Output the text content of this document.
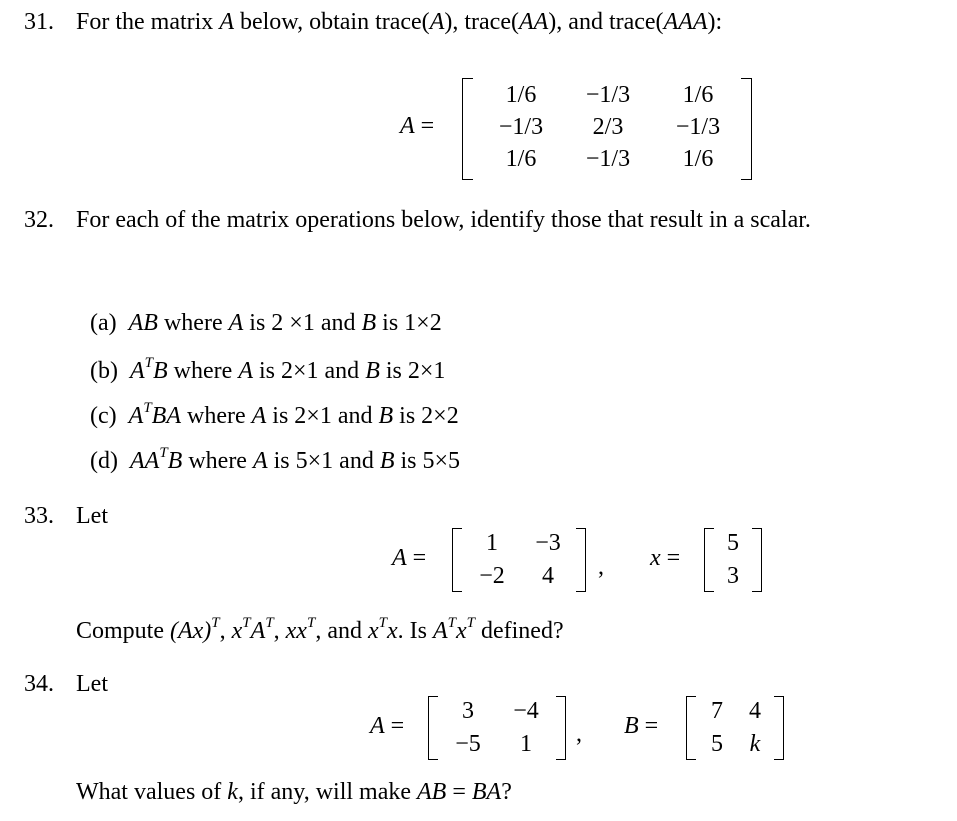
31. For the matrix A below, obtain trace(A), trace(AA), and trace(AAA):
A =
1/6	−1/3	1/6
−1/3	2/3	−1/3
1/6	−1/3	1/6
32. For each of the matrix operations below, identify those that result in a scalar.
(a) AB where A is 2 ×1 and B is 1×2
(b) $A^TB$ where A is 2×1 and B is 2×1
(c) $A^TBA$ where A is 2×1 and B is 2×2
(d) $AA^TB$ where A is 5×1 and B is 5×5
33. Let
A =
1	−3
−2	4	, x =
5
3
Compute $(Ax)^T$, $x^TA^T$, $xx^T$, and $x^Tx$. Is $A^Tx^T$ defined?
34. Let
A =
3	−4
−5	1	, B =
7	4
5	k
What values of k, if any, will make AB = BA?
